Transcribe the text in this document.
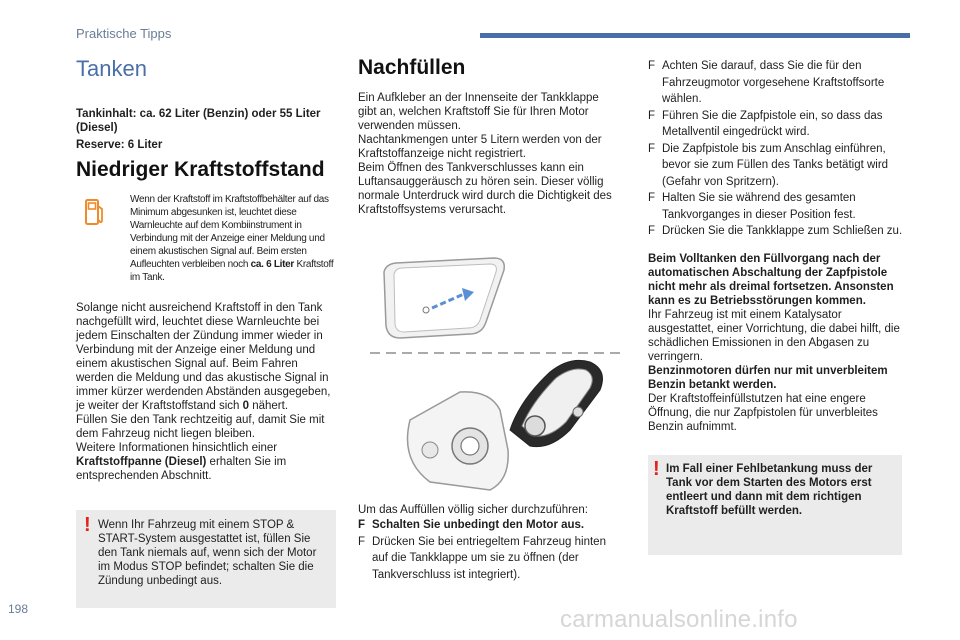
Praktische Tipps
Tanken
Tankinhalt: ca. 62 Liter (Benzin) oder 55 Liter (Diesel)
Reserve: 6 Liter
Niedriger Kraftstoffstand
Wenn der Kraftstoff im Kraftstoffbehälter auf das Minimum abgesunken ist, leuchtet diese Warnleuchte auf dem Kombiinstrument in Verbindung mit der Anzeige einer Meldung und einem akustischen Signal auf. Beim ersten Aufleuchten verbleiben noch ca. 6 Liter Kraftstoff im Tank.

Solange nicht ausreichend Kraftstoff in den Tank nachgefüllt wird, leuchtet diese Warnleuchte bei jedem Einschalten der Zündung immer wieder in Verbindung mit der Anzeige einer Meldung und einem akustischen Signal auf. Beim Fahren werden die Meldung und das akustische Signal in immer kürzer werdenden Abständen ausgegeben, je weiter der Kraftstoffstand sich 0 nähert.

Füllen Sie den Tank rechtzeitig auf, damit Sie mit dem Fahrzeug nicht liegen bleiben.

Weitere Informationen hinsichtlich einer Kraftstoffpanne (Diesel) erhalten Sie im entsprechenden Abschnitt.

! Wenn Ihr Fahrzeug mit einem STOP & START-System ausgestattet ist, füllen Sie den Tank niemals auf, wenn sich der Motor im Modus STOP befindet; schalten Sie die Zündung unbedingt aus.
Nachfüllen

Ein Aufkleber an der Innenseite der Tankklappe gibt an, welchen Kraftstoff Sie für Ihren Motor verwenden müssen.

Nachtankmengen unter 5 Litern werden von der Kraftstoffanzeige nicht registriert.

Beim Öffnen des Tankverschlusses kann ein Luftansauggeräusch zu hören sein. Dieser völlig normale Unterdruck wird durch die Dichtigkeit des Kraftstoffsystems verursacht.

Um das Auffüllen völlig sicher durchzuführen:
F Schalten Sie unbedingt den Motor aus.
F Drücken Sie bei entriegeltem Fahrzeug hinten auf die Tankklappe um sie zu öffnen (der Tankverschluss ist integriert).
F Achten Sie darauf, dass Sie die für den Fahrzeugmotor vorgesehene Kraftstoffsorte wählen.
F Führen Sie die Zapfpistole ein, so dass das Metallventil eingedrückt wird.
F Die Zapfpistole bis zum Anschlag einführen, bevor sie zum Füllen des Tanks betätigt wird (Gefahr von Spritzern).
F Halten Sie sie während des gesamten Tankvorganges in dieser Position fest.
F Drücken Sie die Tankklappe zum Schließen zu.

Beim Volltanken den Füllvorgang nach der automatischen Abschaltung der Zapfpistole nicht mehr als dreimal fortsetzen. Ansonsten kann es zu Betriebsstörungen kommen.

Ihr Fahrzeug ist mit einem Katalysator ausgestattet, einer Vorrichtung, die dabei hilft, die schädlichen Emissionen in den Abgasen zu verringern.

Benzinmotoren dürfen nur mit unverbleitem Benzin betankt werden.

Der Kraftstoffeinfüllstutzen hat eine engere Öffnung, die nur Zapfpistolen für unverbleites Benzin aufnimmt.

! Im Fall einer Fehlbetankung muss der Tank vor dem Starten des Motors erst entleert und dann mit dem richtigen Kraftstoff befüllt werden.
198	carmanualsonline.info
